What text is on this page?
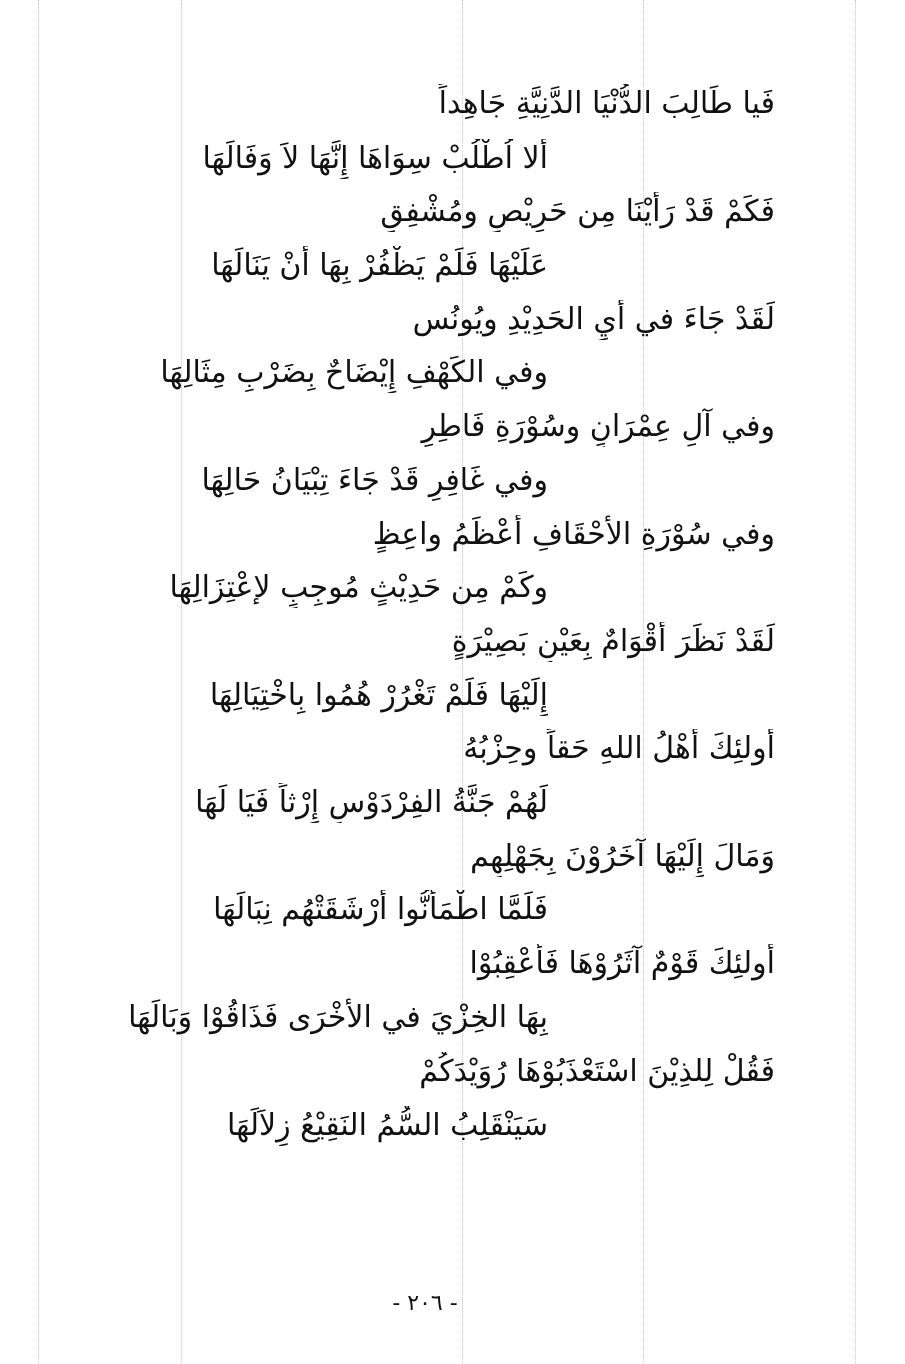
فَيا طَالِبَ الدُّنْيَا الدَّنِيَّةِ جَاهِداً
ألا اُطْلُبْ سِوَاهَا إِنَّهَا لاَ وَفَالَهَا
فَكَمْ قَدْ رَأَيْنَا مِن حَرِيْصٍ ومُشْفِقٍ
عَلَيْهَا فَلَمْ يَظْفُرْ بِهَا أَنْ يَنَالَهَا
لَقَدْ جَاءَ في أيِ الحَدِيْدِ ويُونُس
وفي الكَهْفِ إِيْضَاحٌ بِضَرْبِ مِثَالِهَا
وفي آلِ عِمْرَانٍ وسُوْرَةِ فَاطِرٍ
وفي غَافِرٍ قَدْ جَاءَ تِبْيَانُ حَالِهَا
وفي سُوْرَةِ الأحْقَافِ أَعْظَمُ واعِظٍ
وكَمْ مِن حَدِيْثٍ مُوجِبٍ لإعْتِزَالِهَا
لَقَدْ نَظَرَ أقْوَامٌ بِعَيْنِ بَصِيْرَةٍ
إِلَيْهَا فَلَمْ تَغْرُرْ هُمُوا بِاخْتِيَالِهَا
أُولئِكَ أَهْلُ اللهِ حَقاً وحِزْبُهُ
لَهُمْ جَنَّةُ الفِرْدَوْسِ إِرْثاً فَيَا لَهَا
وَمَالَ إِلَيْهَا آخَرُوْنَ بِجَهْلِهِم
فَلَمَّا اطْمَأَنُّوا أَرْشَقَتْهُم نِبَالَهَا
أُولئِكَ قَوْمٌ آثَرُوْهَا فَأُعْقِبُوْا
بِهَا الخِزْيَ في الأُخْرَى فَذَاقُوْا وَبَالَهَا
فَقُلْ لِلذِيْنَ اسْتَعْذَبُوْهَا رُوَيْدَكُمْ
سَيَنْقَلِبُ السُّمُ النَقِيْعُ زِلاَلَهَا
- ٢٠٦ -
